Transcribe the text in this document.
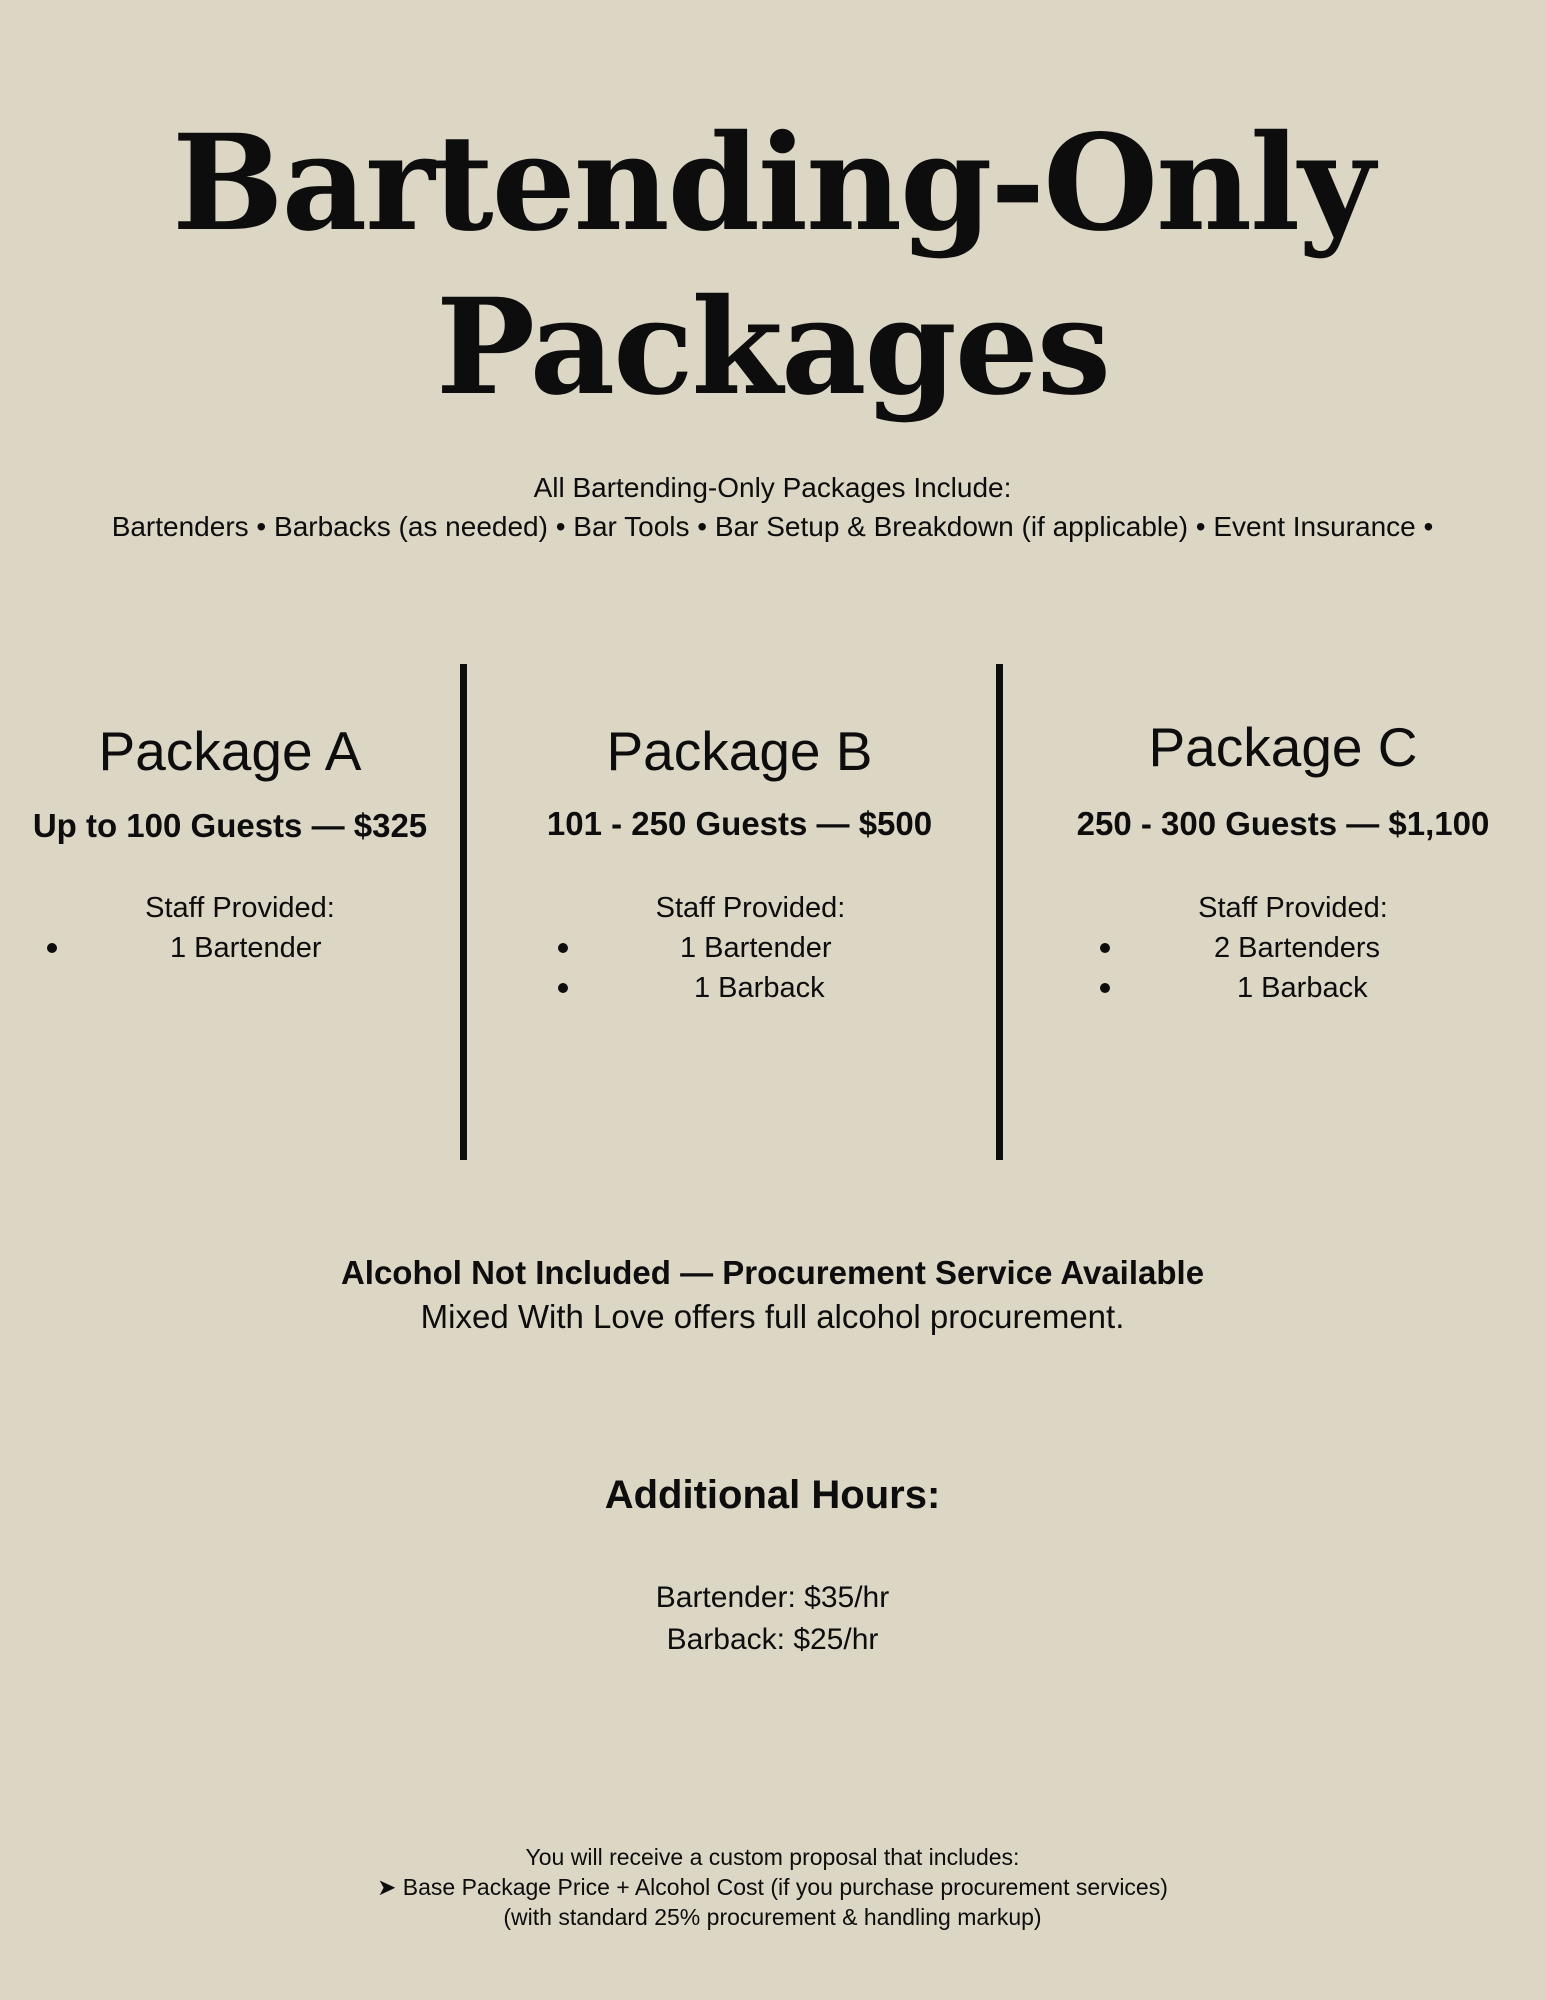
Bartending-Only
Packages
All Bartending-Only Packages Include:
Bartenders • Barbacks (as needed) • Bar Tools • Bar Setup & Breakdown (if applicable) • Event Insurance •
Package A
Up to 100 Guests — $325
Staff Provided:
1 Bartender
Package B
101 - 250 Guests — $500
Staff Provided:
1 Bartender
1 Barback
Package C
250 - 300 Guests — $1,100
Staff Provided:
2 Bartenders
1 Barback
Alcohol Not Included — Procurement Service Available
Mixed With Love offers full alcohol procurement.
Additional Hours:
Bartender: $35/hr
Barback: $25/hr
You will receive a custom proposal that includes:
➤ Base Package Price + Alcohol Cost (if you purchase procurement services)
(with standard 25% procurement & handling markup)
